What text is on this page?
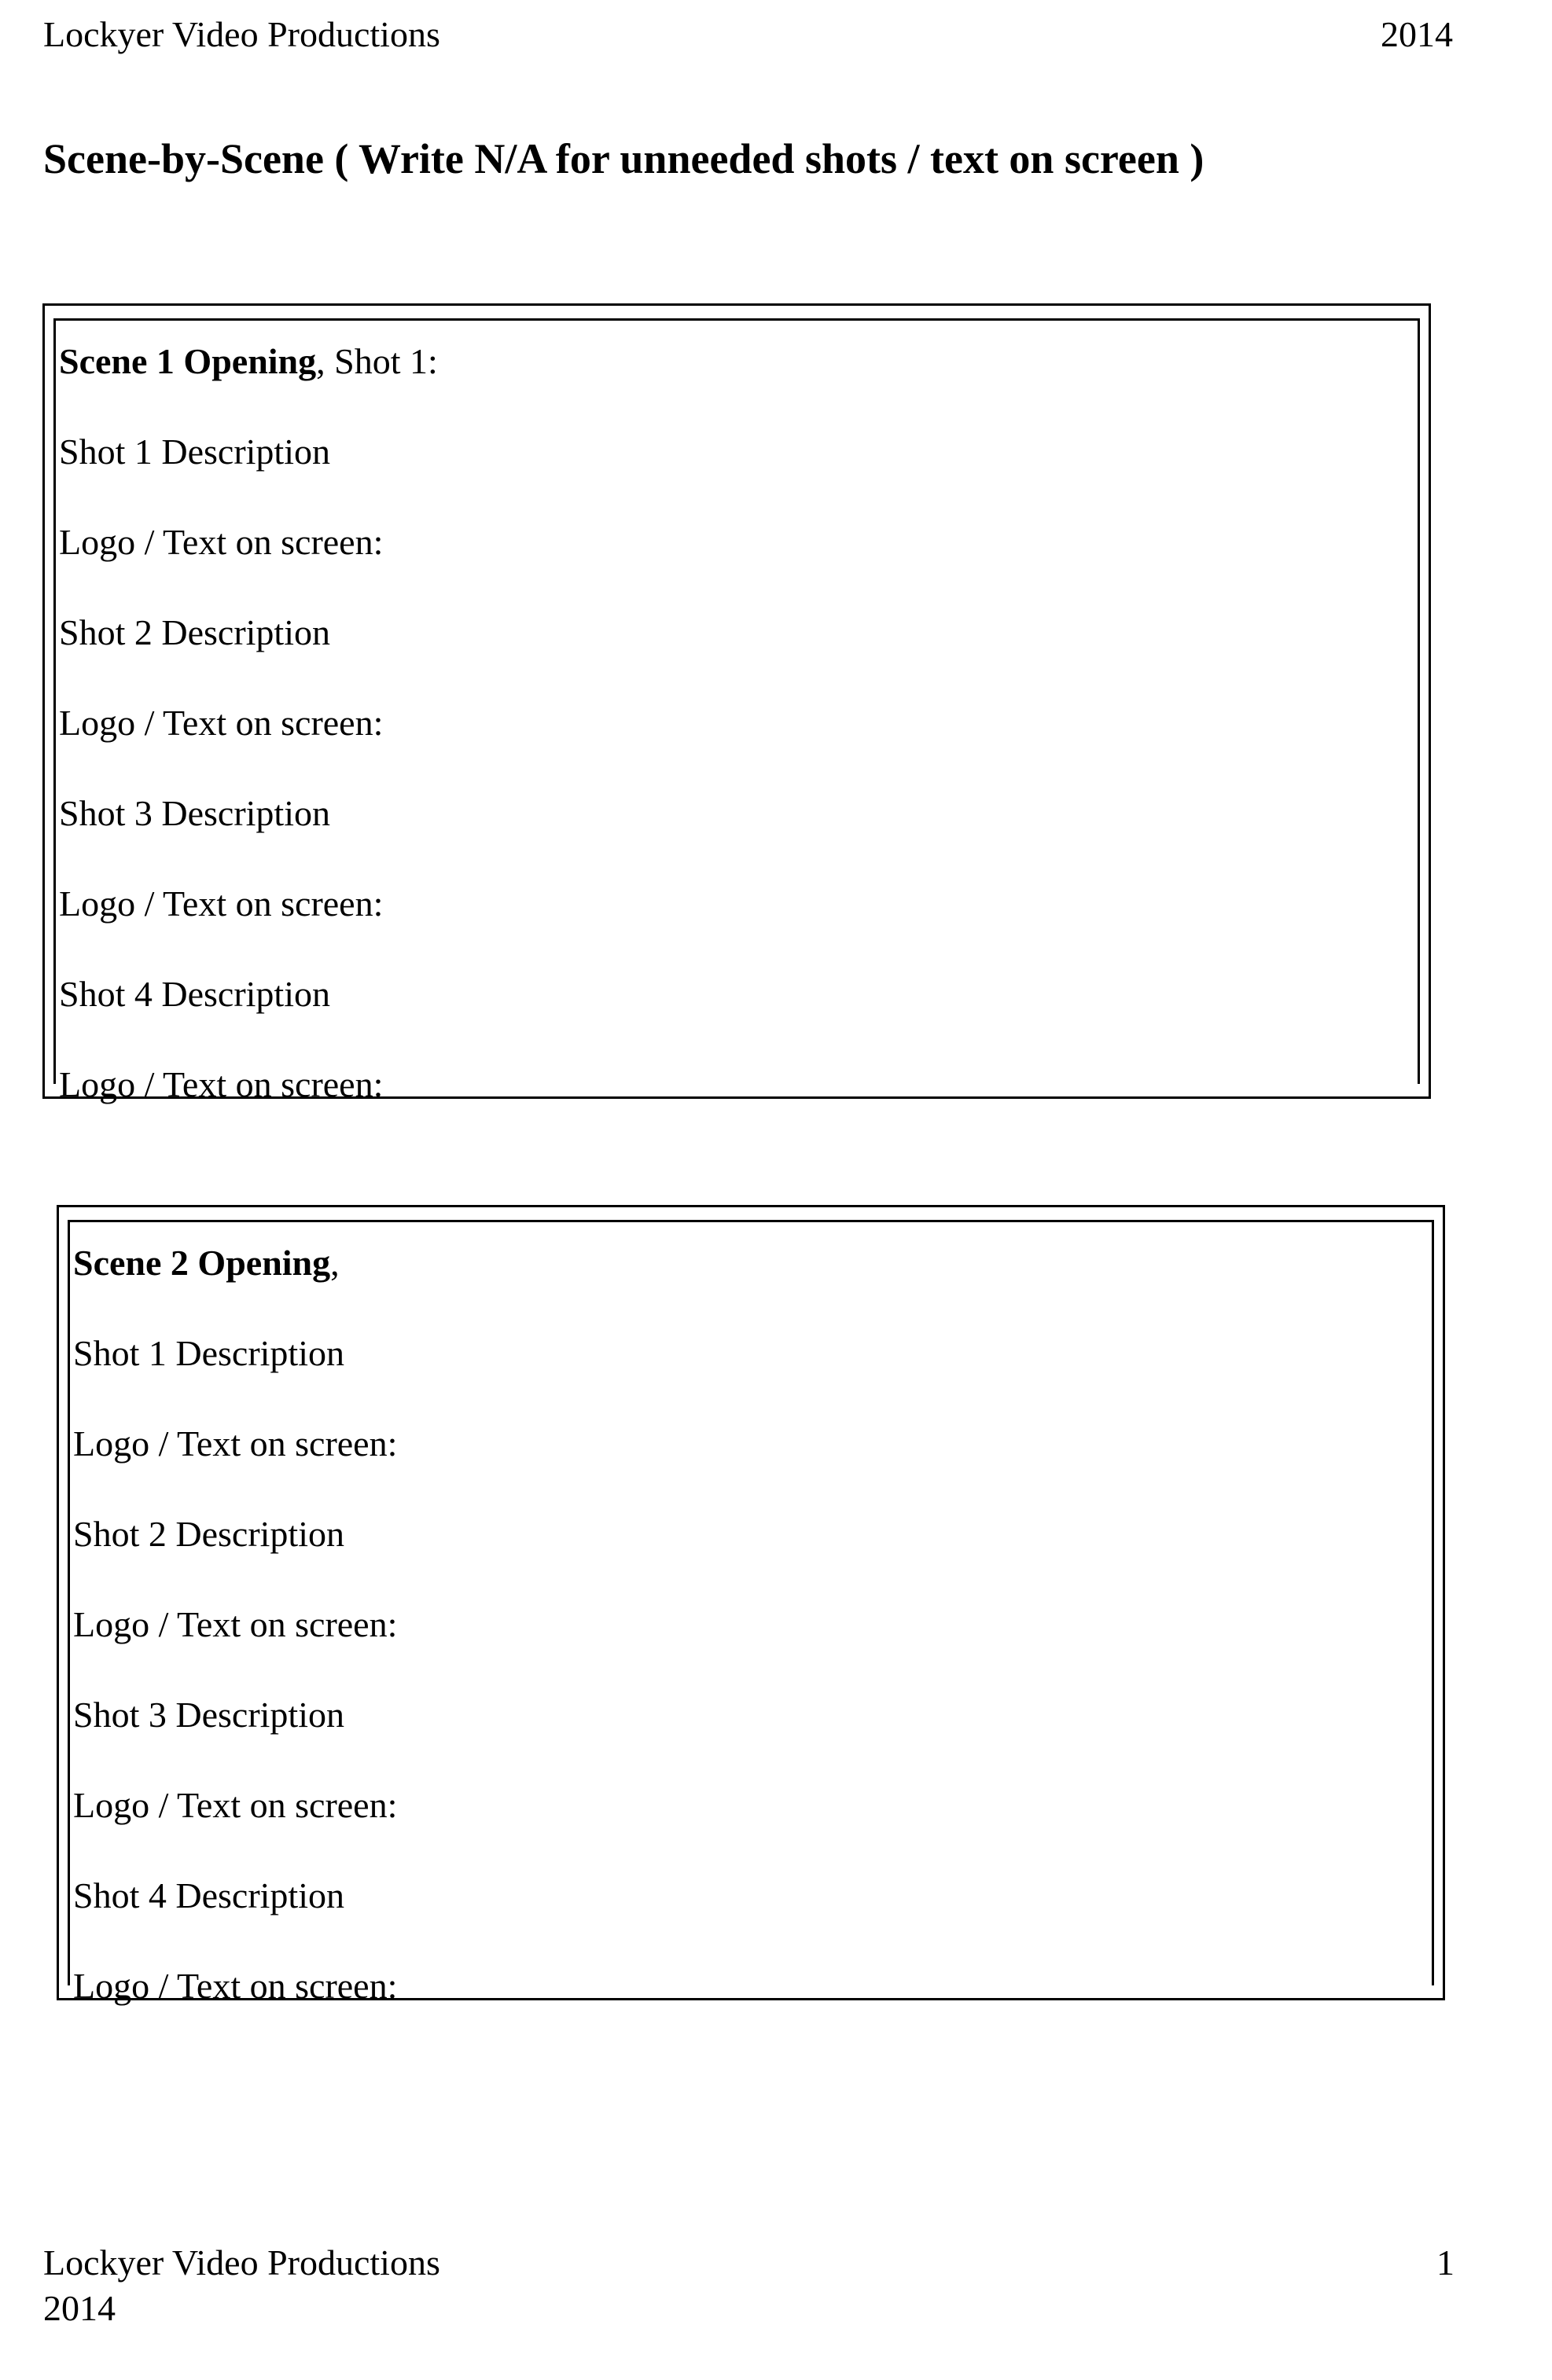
Lockyer Video Productions	2014
Scene-by-Scene ( Write N/A for unneeded shots / text on screen )
Scene 1 Opening, Shot 1:
Shot 1 Description
Logo / Text on screen:
Shot 2 Description
Logo / Text on screen:
Shot 3 Description
Logo / Text on screen:
Shot 4 Description
Logo / Text on screen:
Scene 2 Opening,
Shot 1 Description
Logo / Text on screen:
Shot 2 Description
Logo / Text on screen:
Shot 3 Description
Logo / Text on screen:
Shot 4 Description
Logo / Text on screen:
Lockyer Video Productions
2014
1
